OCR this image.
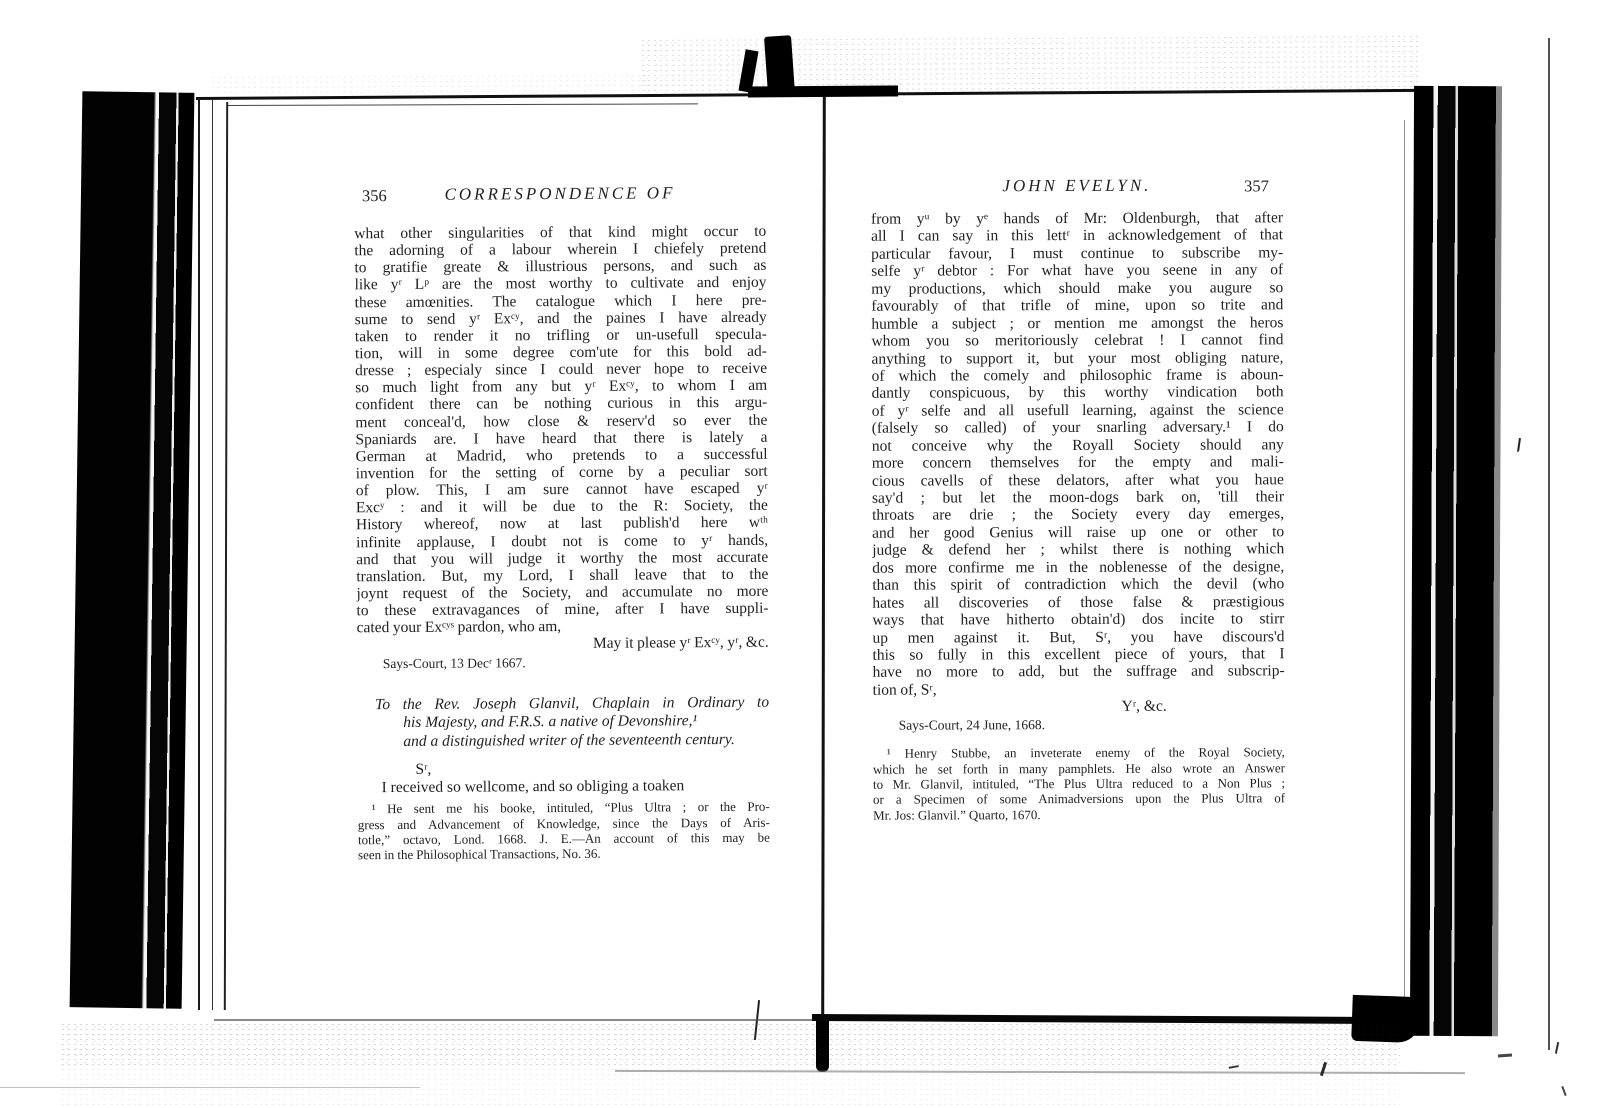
356	CORRESPONDENCE OF
what other singularities of that kind might occur to
the adorning of a labour wherein I chiefely pretend
to gratifie greate & illustrious persons, and such as
like yʳ Lᵖ are the most worthy to cultivate and enjoy
these amœnities. The catalogue which I here pre-
sume to send yʳ Exᶜʸ, and the paines I have already
taken to render it no trifling or un-usefull specula-
tion, will in some degree com'ute for this bold ad-
dresse ; especialy since I could never hope to receive
so much light from any but yʳ Exᶜʸ, to whom I am
confident there can be nothing curious in this argu-
ment conceal'd, how close & reserv'd so ever the
Spaniards are. I have heard that there is lately a
German at Madrid, who pretends to a successful
invention for the setting of corne by a peculiar sort
of plow. This, I am sure cannot have escaped yʳ
Excʸ : and it will be due to the R: Society, the
History whereof, now at last publish'd here wᵗʰ
infinite applause, I doubt not is come to yʳ hands,
and that you will judge it worthy the most accurate
translation. But, my Lord, I shall leave that to the
joynt request of the Society, and accumulate no more
to these extravagances of mine, after I have suppli-
cated your Exᶜʸˢ pardon, who am,
May it please yʳ Exᶜʸ, yʳ, &c.
Says-Court, 13 Decʳ 1667.
To the Rev. Joseph Glanvil, Chaplain in Ordinary to
his Majesty, and F.R.S. a native of Devonshire,¹
and a distinguished writer of the seventeenth century.
Sʳ,
I received so wellcome, and so obliging a toaken
¹ He sent me his booke, intituled, “Plus Ultra ; or the Pro-
gress and Advancement of Knowledge, since the Days of Aris-
totle,” octavo, Lond. 1668. J. E.—An account of this may be
seen in the Philosophical Transactions, No. 36.
JOHN EVELYN.	357
from yᵘ by yᵉ hands of Mr: Oldenburgh, that after
all I can say in this lettʳ in acknowledgement of that
particular favour, I must continue to subscribe my-
selfe yʳ debtor : For what have you seene in any of
my productions, which should make you augure so
favourably of that trifle of mine, upon so trite and
humble a subject ; or mention me amongst the heros
whom you so meritoriously celebrat ! I cannot find
anything to support it, but your most obliging nature,
of which the comely and philosophic frame is aboun-
dantly conspicuous, by this worthy vindication both
of yʳ selfe and all usefull learning, against the science
(falsely so called) of your snarling adversary.¹ I do
not conceive why the Royall Society should any
more concern themselves for the empty and mali-
cious cavells of these delators, after what you haue
say'd ; but let the moon-dogs bark on, 'till their
throats are drie ; the Society every day emerges,
and her good Genius will raise up one or other to
judge & defend her ; whilst there is nothing which
dos more confirme me in the noblenesse of the designe,
than this spirit of contradiction which the devil (who
hates all discoveries of those false & præstigious
ways that have hitherto obtain'd) dos incite to stirr
up men against it. But, Sʳ, you have discours'd
this so fully in this excellent piece of yours, that I
have no more to add, but the suffrage and subscrip-
tion of, Sʳ,
Yʳ, &c.
Says-Court, 24 June, 1668.
¹ Henry Stubbe, an inveterate enemy of the Royal Society,
which he set forth in many pamphlets. He also wrote an Answer
to Mr. Glanvil, intituled, “The Plus Ultra reduced to a Non Plus ;
or a Specimen of some Animadversions upon the Plus Ultra of
Mr. Jos: Glanvil.” Quarto, 1670.
